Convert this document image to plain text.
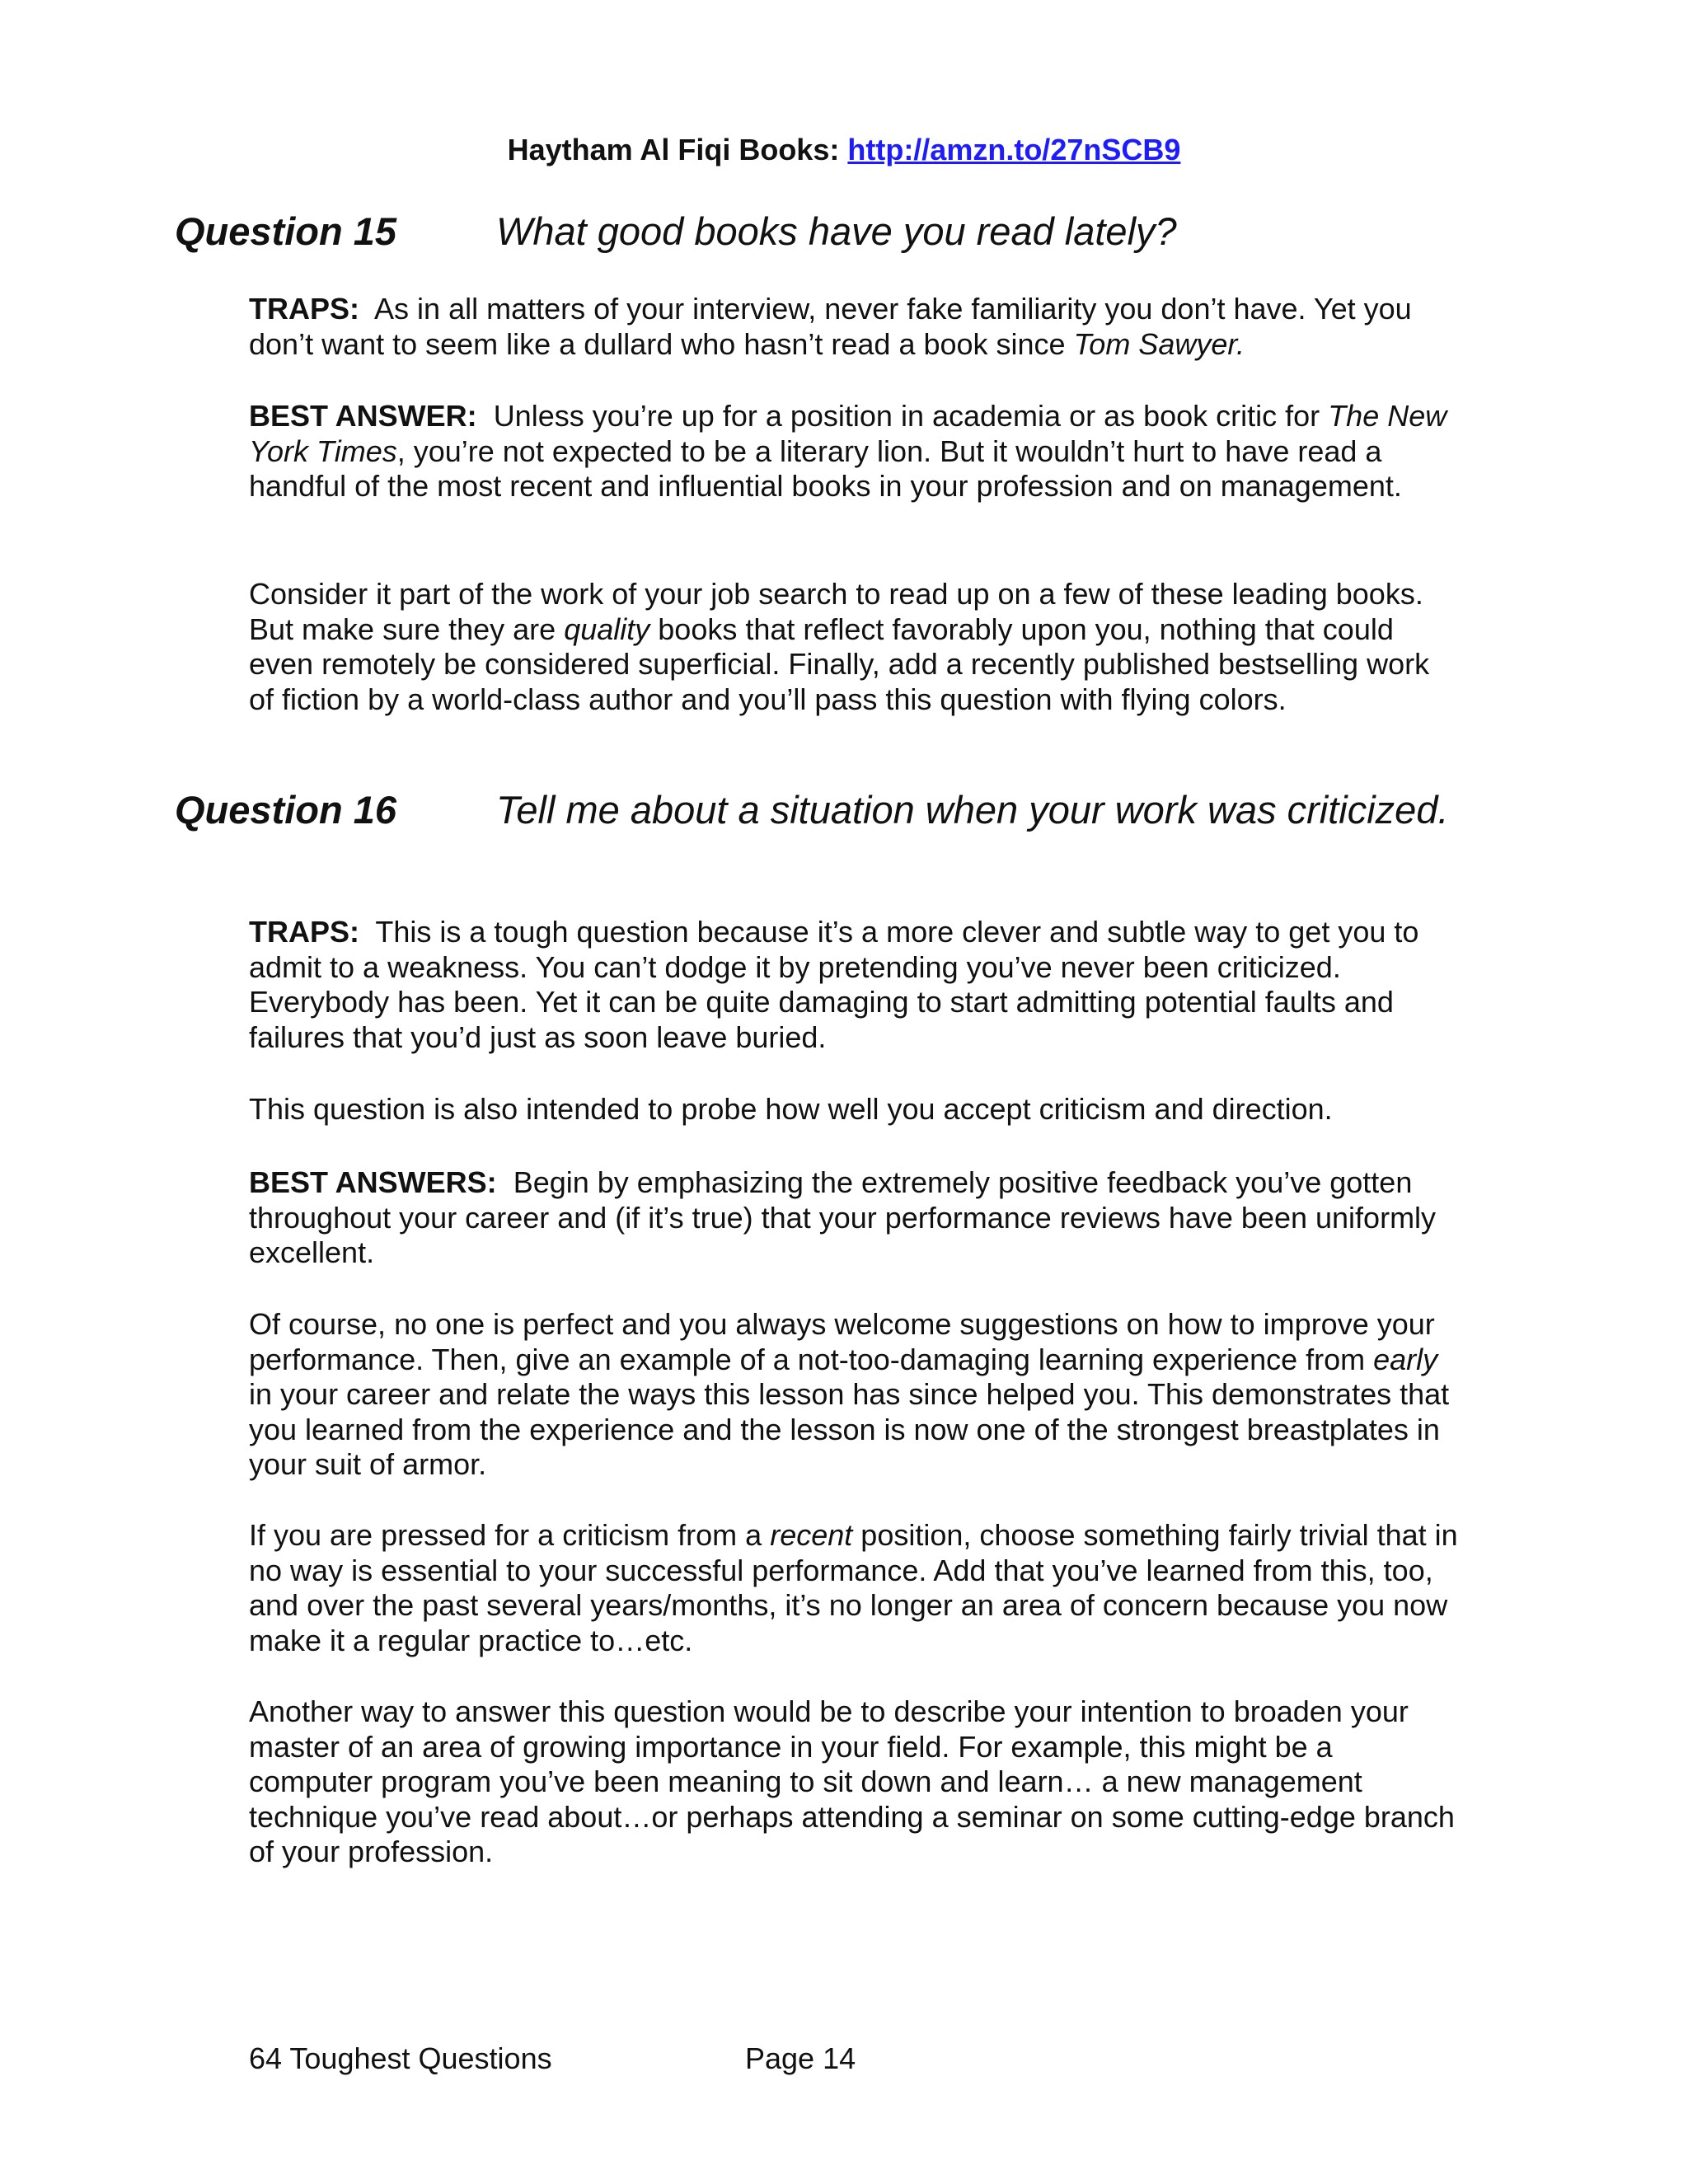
Haytham Al Fiqi Books: http://amzn.to/27nSCB9
Question 15	What good books have you read lately?

TRAPS: As in all matters of your interview, never fake familiarity you don’t have. Yet you don’t want to seem like a dullard who hasn’t read a book since Tom Sawyer.

BEST ANSWER: Unless you’re up for a position in academia or as book critic for The New York Times, you’re not expected to be a literary lion. But it wouldn’t hurt to have read a handful of the most recent and influential books in your profession and on management.

Consider it part of the work of your job search to read up on a few of these leading books. But make sure they are quality books that reflect favorably upon you, nothing that could even remotely be considered superficial. Finally, add a recently published bestselling work of fiction by a world-class author and you’ll pass this question with flying colors.

Question 16	Tell me about a situation when your work was criticized.

TRAPS: This is a tough question because it’s a more clever and subtle way to get you to admit to a weakness. You can’t dodge it by pretending you’ve never been criticized. Everybody has been. Yet it can be quite damaging to start admitting potential faults and failures that you’d just as soon leave buried.

This question is also intended to probe how well you accept criticism and direction.

BEST ANSWERS: Begin by emphasizing the extremely positive feedback you’ve gotten throughout your career and (if it’s true) that your performance reviews have been uniformly excellent.

Of course, no one is perfect and you always welcome suggestions on how to improve your performance. Then, give an example of a not-too-damaging learning experience from early in your career and relate the ways this lesson has since helped you. This demonstrates that you learned from the experience and the lesson is now one of the strongest breastplates in your suit of armor.

If you are pressed for a criticism from a recent position, choose something fairly trivial that in no way is essential to your successful performance. Add that you’ve learned from this, too, and over the past several years/months, it’s no longer an area of concern because you now make it a regular practice to…etc.

Another way to answer this question would be to describe your intention to broaden your master of an area of growing importance in your field. For example, this might be a computer program you’ve been meaning to sit down and learn… a new management technique you’ve read about…or perhaps attending a seminar on some cutting-edge branch of your profession.

64 Toughest Questions	Page 14
